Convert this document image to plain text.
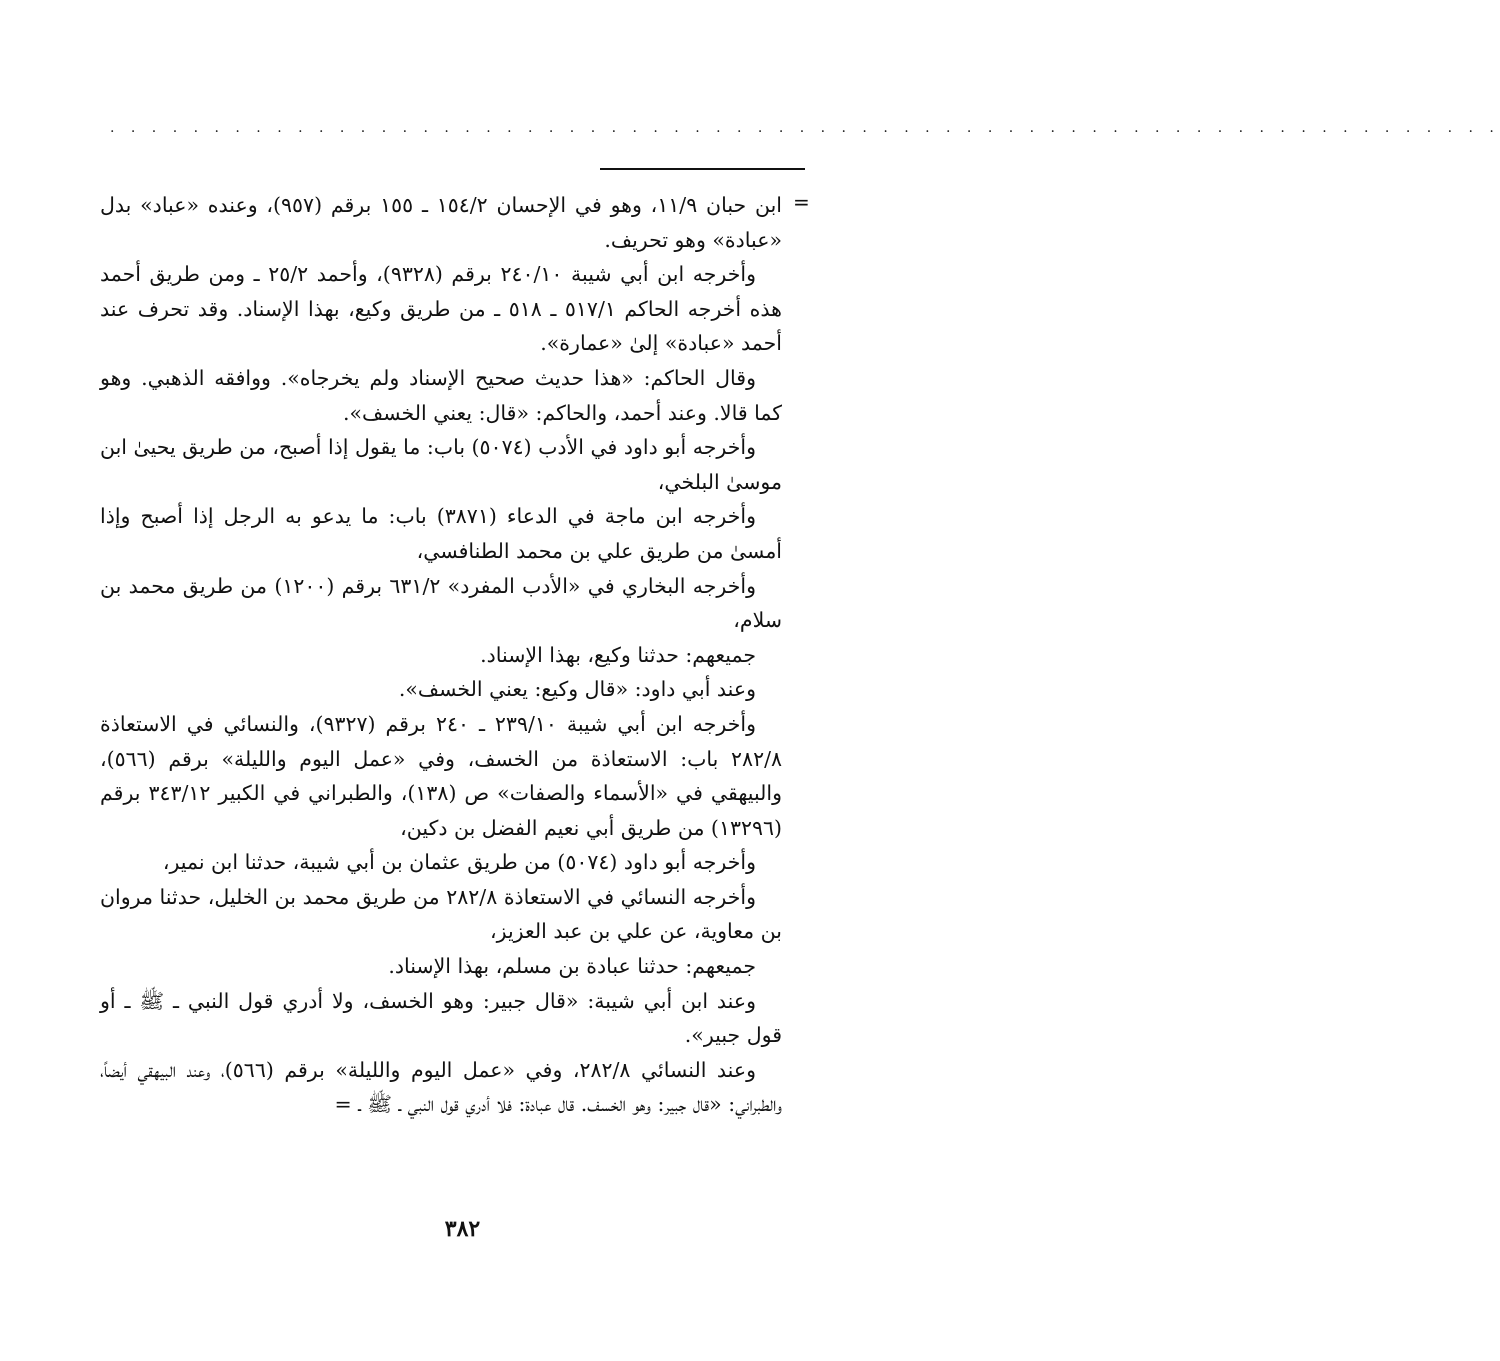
. . . . . . . . . . . . . . . . . . . . . . . . . . . . . . . . . . . . . . . . . . . . . . . . . . . . . . . . . . . . . . . . . . .
=

ابن حبان ١١/٩، وهو في الإحسان ١٥٤/٢ ـ ١٥٥ برقم (٩٥٧)، وعنده «عباد» بدل «عبادة» وهو تحريف.

وأخرجه ابن أبي شيبة ٢٤٠/١٠ برقم (٩٣٢٨)، وأحمد ٢٥/٢ ـ ومن طريق أحمد هذه أخرجه الحاكم ٥١٧/١ ـ ٥١٨ ـ من طريق وكيع، بهذا الإسناد. وقد تحرف عند أحمد «عبادة» إلىٰ «عمارة».

وقال الحاكم: «هذا حديث صحيح الإسناد ولم يخرجاه». ووافقه الذهبي. وهو كما قالا. وعند أحمد، والحاكم: «قال: يعني الخسف».

وأخرجه أبو داود في الأدب (٥٠٧٤) باب: ما يقول إذا أصبح، من طريق يحيىٰ ابن موسىٰ البلخي،

وأخرجه ابن ماجة في الدعاء (٣٨٧١) باب: ما يدعو به الرجل إذا أصبح وإذا أمسىٰ من طريق علي بن محمد الطنافسي،

وأخرجه البخاري في «الأدب المفرد» ٦٣١/٢ برقم (١٢٠٠) من طريق محمد بن سلام،

جميعهم: حدثنا وكيع، بهذا الإسناد.

وعند أبي داود: «قال وكيع: يعني الخسف».

وأخرجه ابن أبي شيبة ٢٣٩/١٠ ـ ٢٤٠ برقم (٩٣٢٧)، والنسائي في الاستعاذة ٢٨٢/٨ باب: الاستعاذة من الخسف، وفي «عمل اليوم والليلة» برقم (٥٦٦)، والبيهقي في «الأسماء والصفات» ص (١٣٨)، والطبراني في الكبير ٣٤٣/١٢ برقم (١٣٢٩٦) من طريق أبي نعيم الفضل بن دكين،

وأخرجه أبو داود (٥٠٧٤) من طريق عثمان بن أبي شيبة، حدثنا ابن نمير،

وأخرجه النسائي في الاستعاذة ٢٨٢/٨ من طريق محمد بن الخليل، حدثنا مروان بن معاوية، عن علي بن عبد العزيز،

جميعهم: حدثنا عبادة بن مسلم، بهذا الإسناد.

وعند ابن أبي شيبة: «قال جبير: وهو الخسف، ولا أدري قول النبي ـ ﷺ ـ أو قول جبير».

وعند النسائي ٢٨٢/٨، وفي «عمل اليوم والليلة» برقم (٥٦٦)، وعند البيهقي أيضاً، والطبراني: «قال جبير: وهو الخسف. قال عبادة: فلا أدري قول النبي ـ ﷺ ـ =

٣٨٢
